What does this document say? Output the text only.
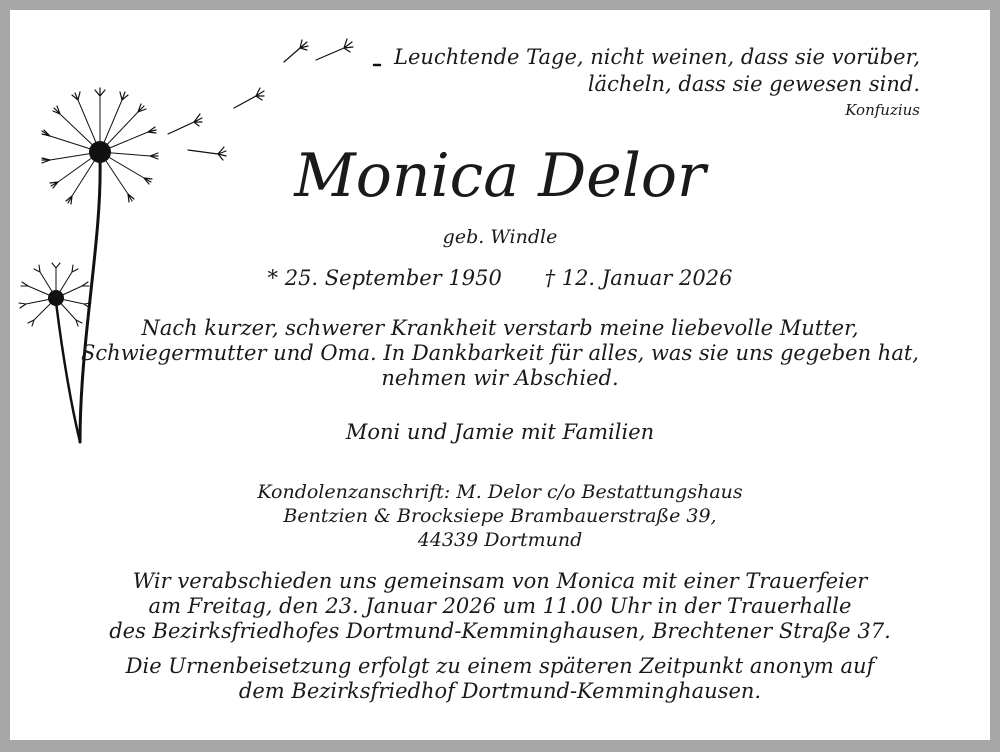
Leuchtende Tage, nicht weinen, dass sie vorüber,
lächeln, dass sie gewesen sind.
Konfuzius
Monica Delor
geb. Windle
* 25. September 1950 † 12. Januar 2026
Nach kurzer, schwerer Krankheit verstarb meine liebevolle Mutter,
Schwiegermutter und Oma. In Dankbarkeit für alles, was sie uns gegeben hat,
nehmen wir Abschied.
Moni und Jamie mit Familien
Kondolenzanschrift: M. Delor c/o Bestattungshaus
Bentzien & Brocksiepe Brambauerstraße 39,
44339 Dortmund
Wir verabschieden uns gemeinsam von Monica mit einer Trauerfeier
am Freitag, den 23. Januar 2026 um 11.00 Uhr in der Trauerhalle
des Bezirksfriedhofes Dortmund-Kemminghausen, Brechtener Straße 37.
Die Urnenbeisetzung erfolgt zu einem späteren Zeitpunkt anonym auf
dem Bezirksfriedhof Dortmund-Kemminghausen.
